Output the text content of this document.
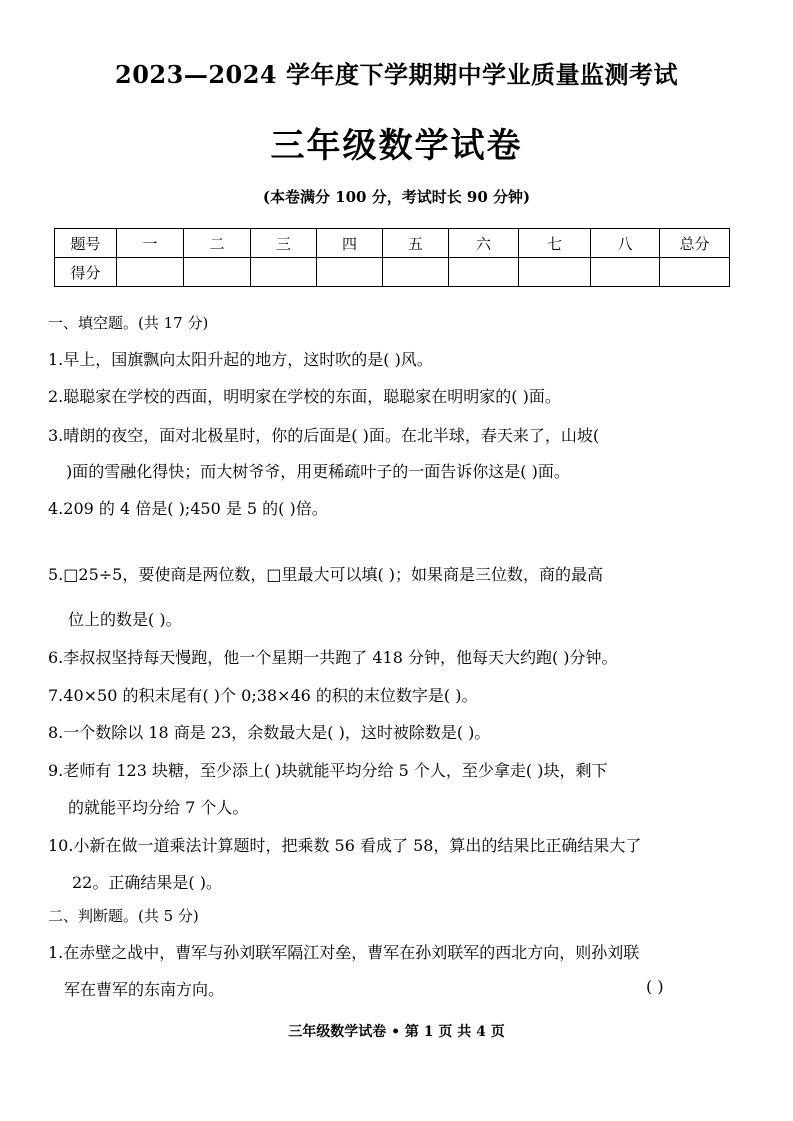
2023—2024 学年度下学期期中学业质量监测考试
三年级数学试卷
(本卷满分 100 分，考试时长 90 分钟)
题号	一	二	三	四	五	六	七	八	总分
得分									
一、填空题。(共 17 分)
1.早上，国旗飘向太阳升起的地方，这时吹的是( )风。
2.聪聪家在学校的西面，明明家在学校的东面，聪聪家在明明家的( )面。
3.晴朗的夜空，面对北极星时，你的后面是( )面。在北半球，春天来了，山坡(
)面的雪融化得快；而大树爷爷，用更稀疏叶子的一面告诉你这是( )面。
4.209 的 4 倍是( );450 是 5 的( )倍。
5.□25÷5，要使商是两位数，□里最大可以填( )；如果商是三位数，商的最高
位上的数是( )。
6.李叔叔坚持每天慢跑，他一个星期一共跑了 418 分钟，他每天大约跑( )分钟。
7.40×50 的积末尾有( )个 0;38×46 的积的末位数字是( )。
8.一个数除以 18 商是 23，余数最大是( )，这时被除数是( )。
9.老师有 123 块糖，至少添上( )块就能平均分给 5 个人，至少拿走( )块，剩下
的就能平均分给 7 个人。
10.小新在做一道乘法计算题时，把乘数 56 看成了 58，算出的结果比正确结果大了
22。正确结果是( )。
二、判断题。(共 5 分)
1.在赤壁之战中，曹军与孙刘联军隔江对垒，曹军在孙刘联军的西北方向，则孙刘联
军在曹军的东南方向。	( )
三年级数学试卷 • 第 1 页 共 4 页
